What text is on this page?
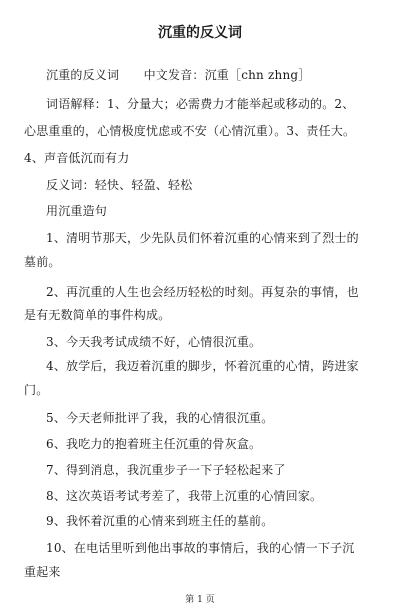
沉重的反义词
沉重的反义词　　中文发音：沉重［chn zhng］
词语解释：1、分量大；必需费力才能举起或移动的。2、
心思重重的，心情极度忧虑或不安（心情沉重）。3、责任大。
4、声音低沉而有力
反义词：轻快、轻盈、轻松
用沉重造句
1、清明节那天，少先队员们怀着沉重的心情来到了烈士的
墓前。
2、再沉重的人生也会经历轻松的时刻。再复杂的事情，也
是有无数简单的事件构成。
3、今天我考试成绩不好，心情很沉重。
4、放学后，我迈着沉重的脚步，怀着沉重的心情，跨进家
门。
5、今天老师批评了我，我的心情很沉重。
6、我吃力的抱着班主任沉重的骨灰盒。
7、得到消息，我沉重步子一下子轻松起来了
8、这次英语考试考差了，我带上沉重的心情回家。
9、我怀着沉重的心情来到班主任的墓前。
10、在电话里听到他出事故的事情后，我的心情一下子沉
重起来
第 1 页
